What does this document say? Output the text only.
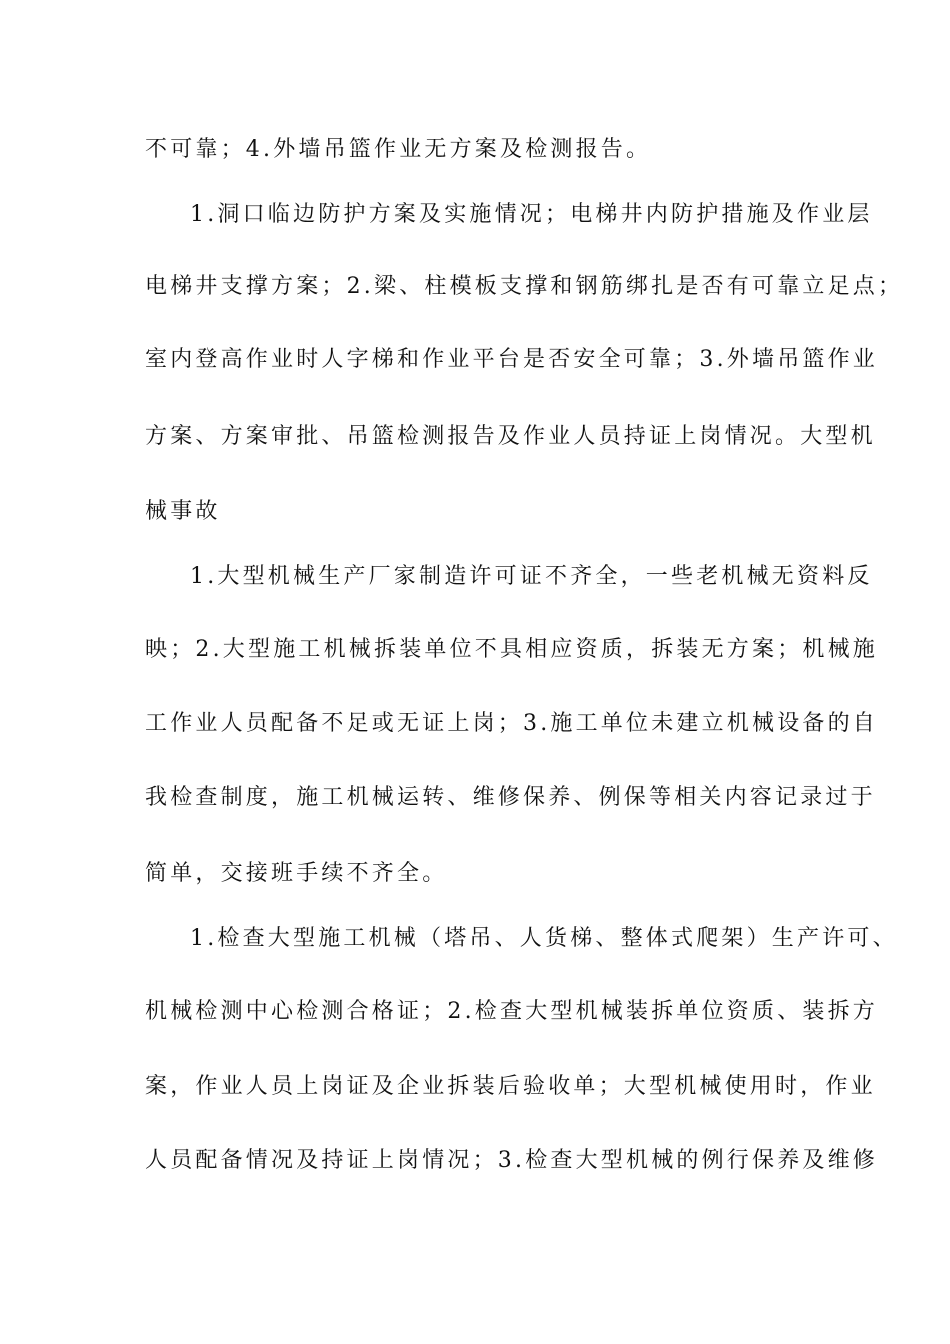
不可靠；4.外墙吊篮作业无方案及检测报告。
1.洞口临边防护方案及实施情况；电梯井内防护措施及作业层
电梯井支撑方案；2.梁、柱模板支撑和钢筋绑扎是否有可靠立足点；
室内登高作业时人字梯和作业平台是否安全可靠；3.外墙吊篮作业
方案、方案审批、吊篮检测报告及作业人员持证上岗情况。大型机
械事故
1.大型机械生产厂家制造许可证不齐全，一些老机械无资料反
映；2.大型施工机械拆装单位不具相应资质，拆装无方案；机械施
工作业人员配备不足或无证上岗；3.施工单位未建立机械设备的自
我检查制度，施工机械运转、维修保养、例保等相关内容记录过于
简单，交接班手续不齐全。
1.检查大型施工机械（塔吊、人货梯、整体式爬架）生产许可、
机械检测中心检测合格证；2.检查大型机械装拆单位资质、装拆方
案，作业人员上岗证及企业拆装后验收单；大型机械使用时，作业
人员配备情况及持证上岗情况；3.检查大型机械的例行保养及维修
